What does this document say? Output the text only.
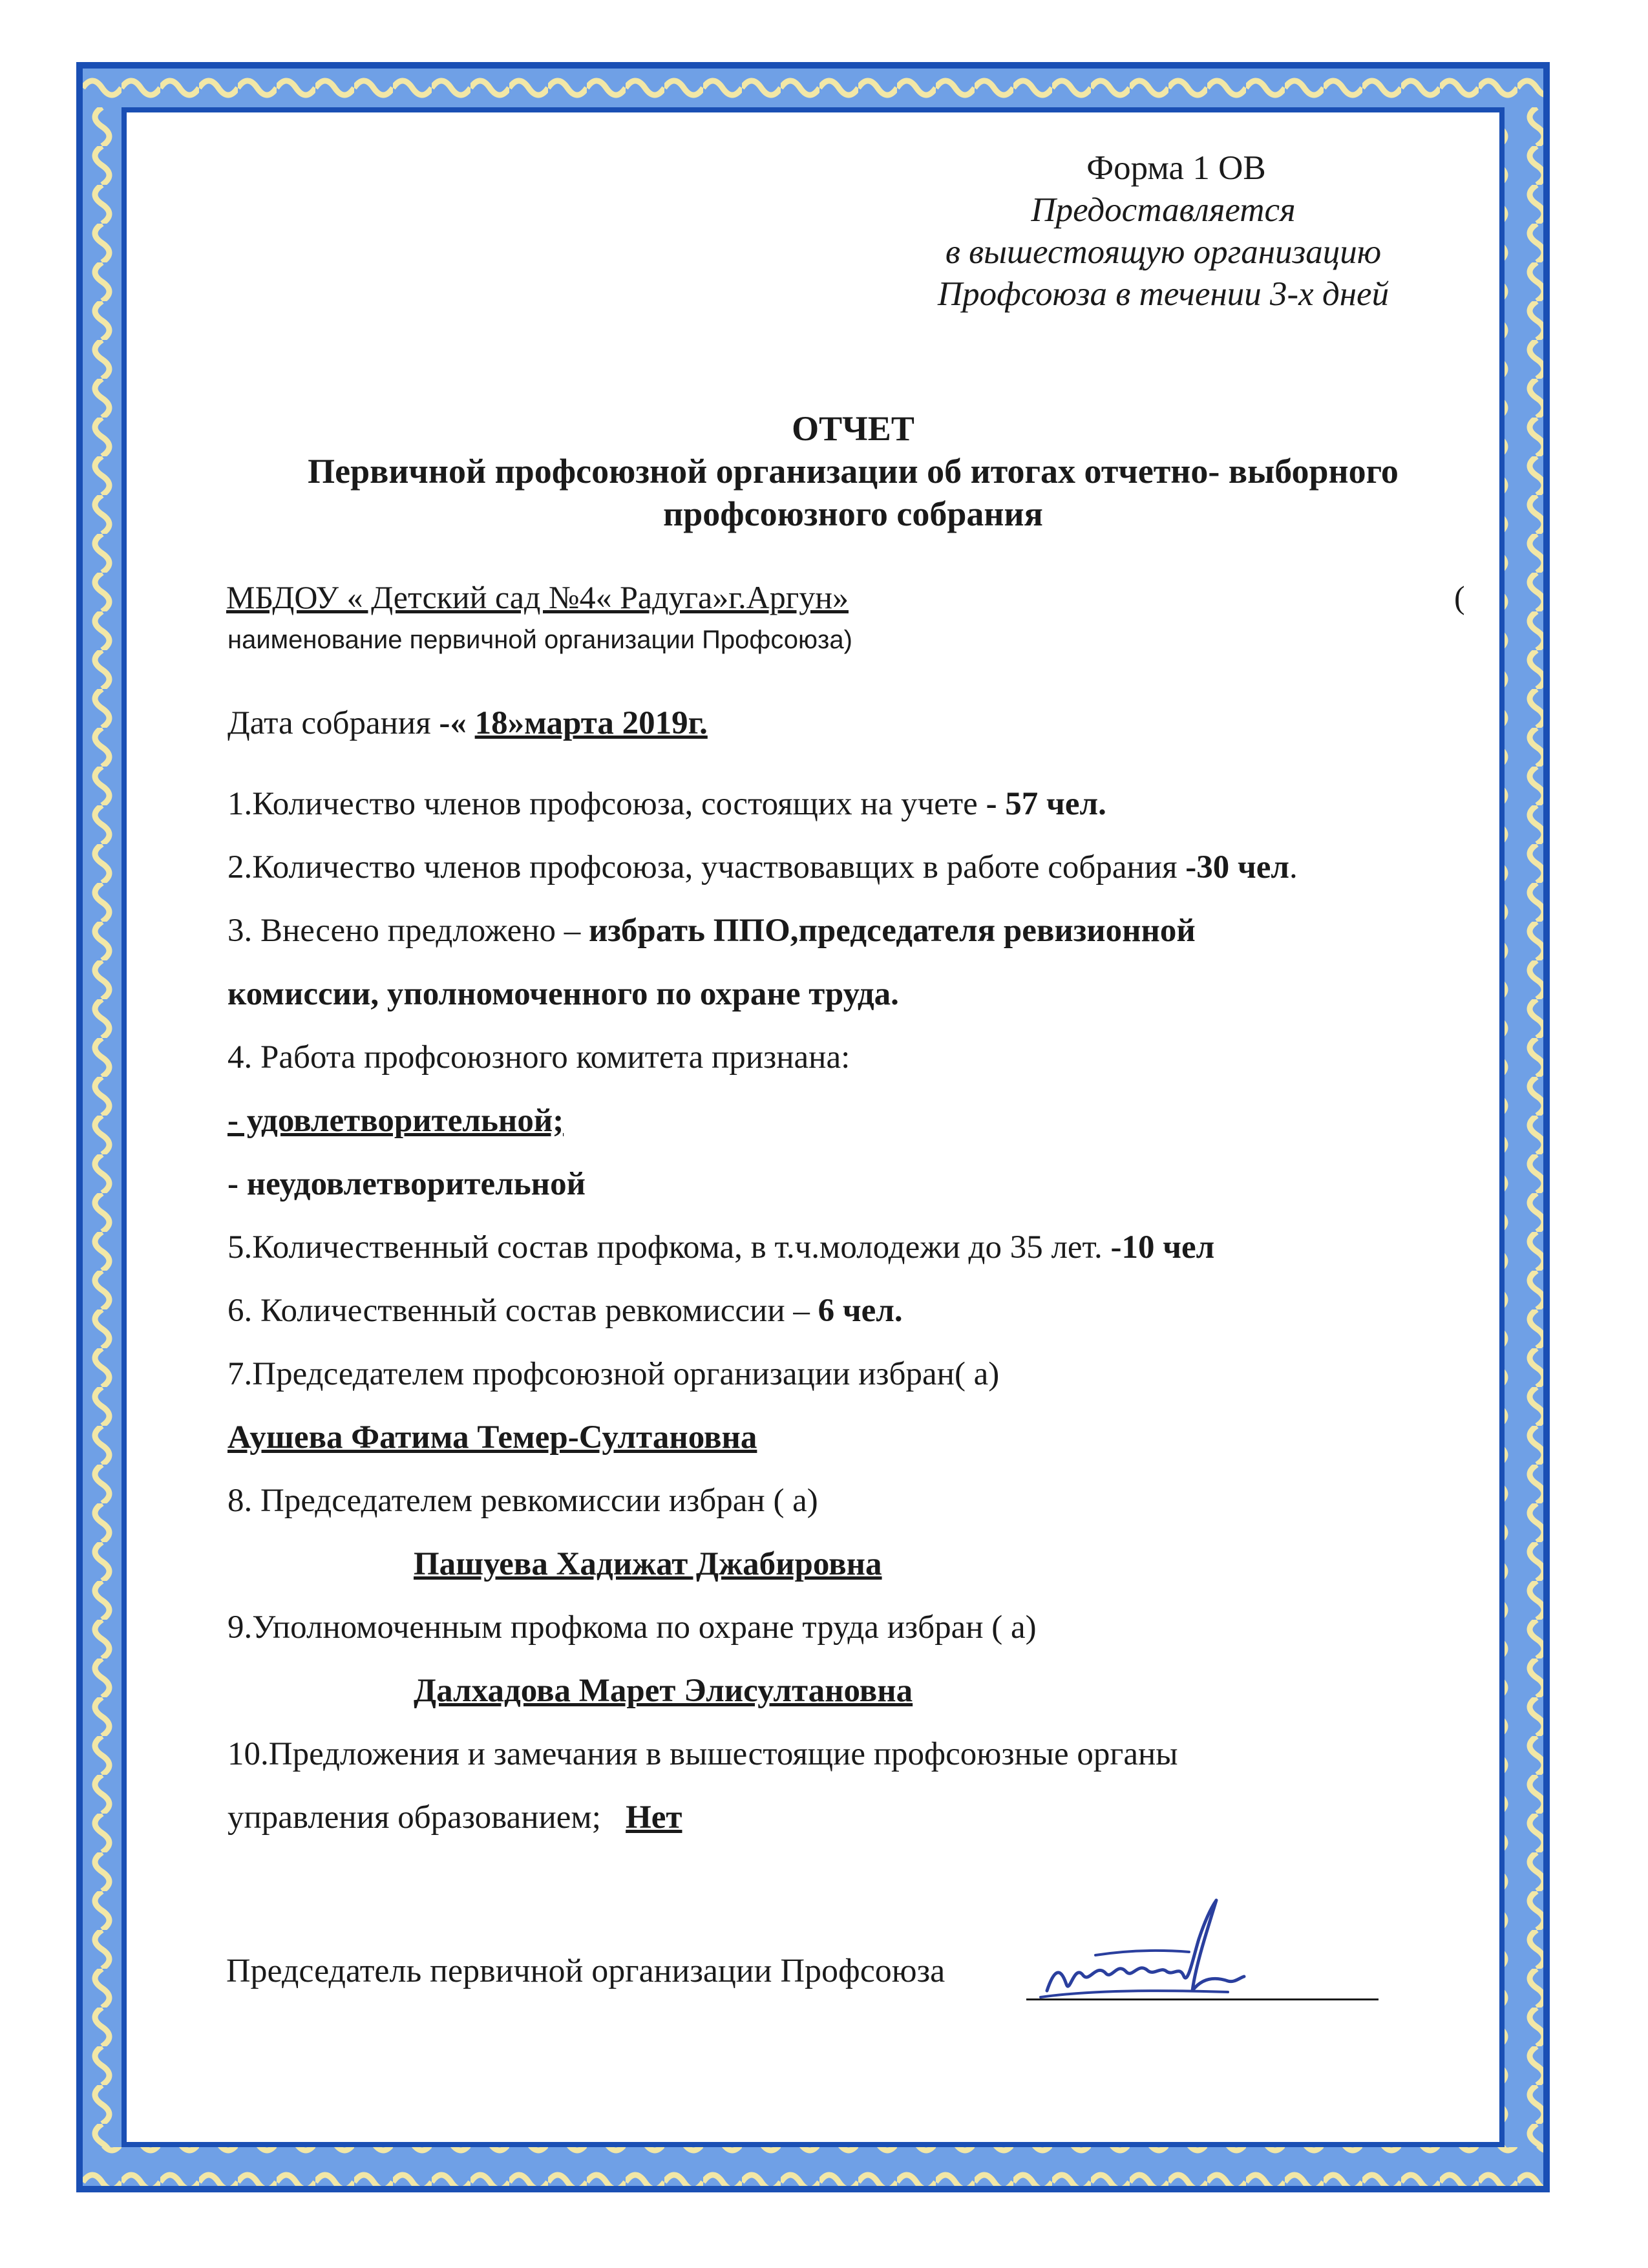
Форма 1 ОВ
Предоставляется
в вышестоящую организацию
Профсоюза в течении 3-х дней
ОТЧЕТ
Первичной профсоюзной организации об итогах отчетно- выборного
профсоюзного собрания
МБДОУ « Детский сад №4« Радуга»г.Аргун»	(
наименование первичной организации Профсоюза)
Дата собрания -« 18»марта 2019г.
1.Количество членов профсоюза, состоящих на учете - 57 чел.
2.Количество членов профсоюза, участвовавщих в работе собрания -30 чел.
3. Внесено предложено – избрать ППО,председателя ревизионной
комиссии, уполномоченного по охране труда.
4. Работа профсоюзного комитета признана:
- удовлетворительной;
- неудовлетворительной
5.Количественный состав профкома, в т.ч.молодежи до 35 лет. -10 чел
6. Количественный состав ревкомиссии – 6 чел.
7.Председателем профсоюзной организации избран( а)
Аушева Фатима Темер-Султановна
8. Председателем ревкомиссии избран ( а)
Пашуева Хадижат Джабировна
9.Уполномоченным профкома по охране труда избран ( а)
Далхадова Марет Элисултановна
10.Предложения и замечания в вышестоящие профсоюзные органы
управления образованием;   Нет
Председатель первичной организации Профсоюза
